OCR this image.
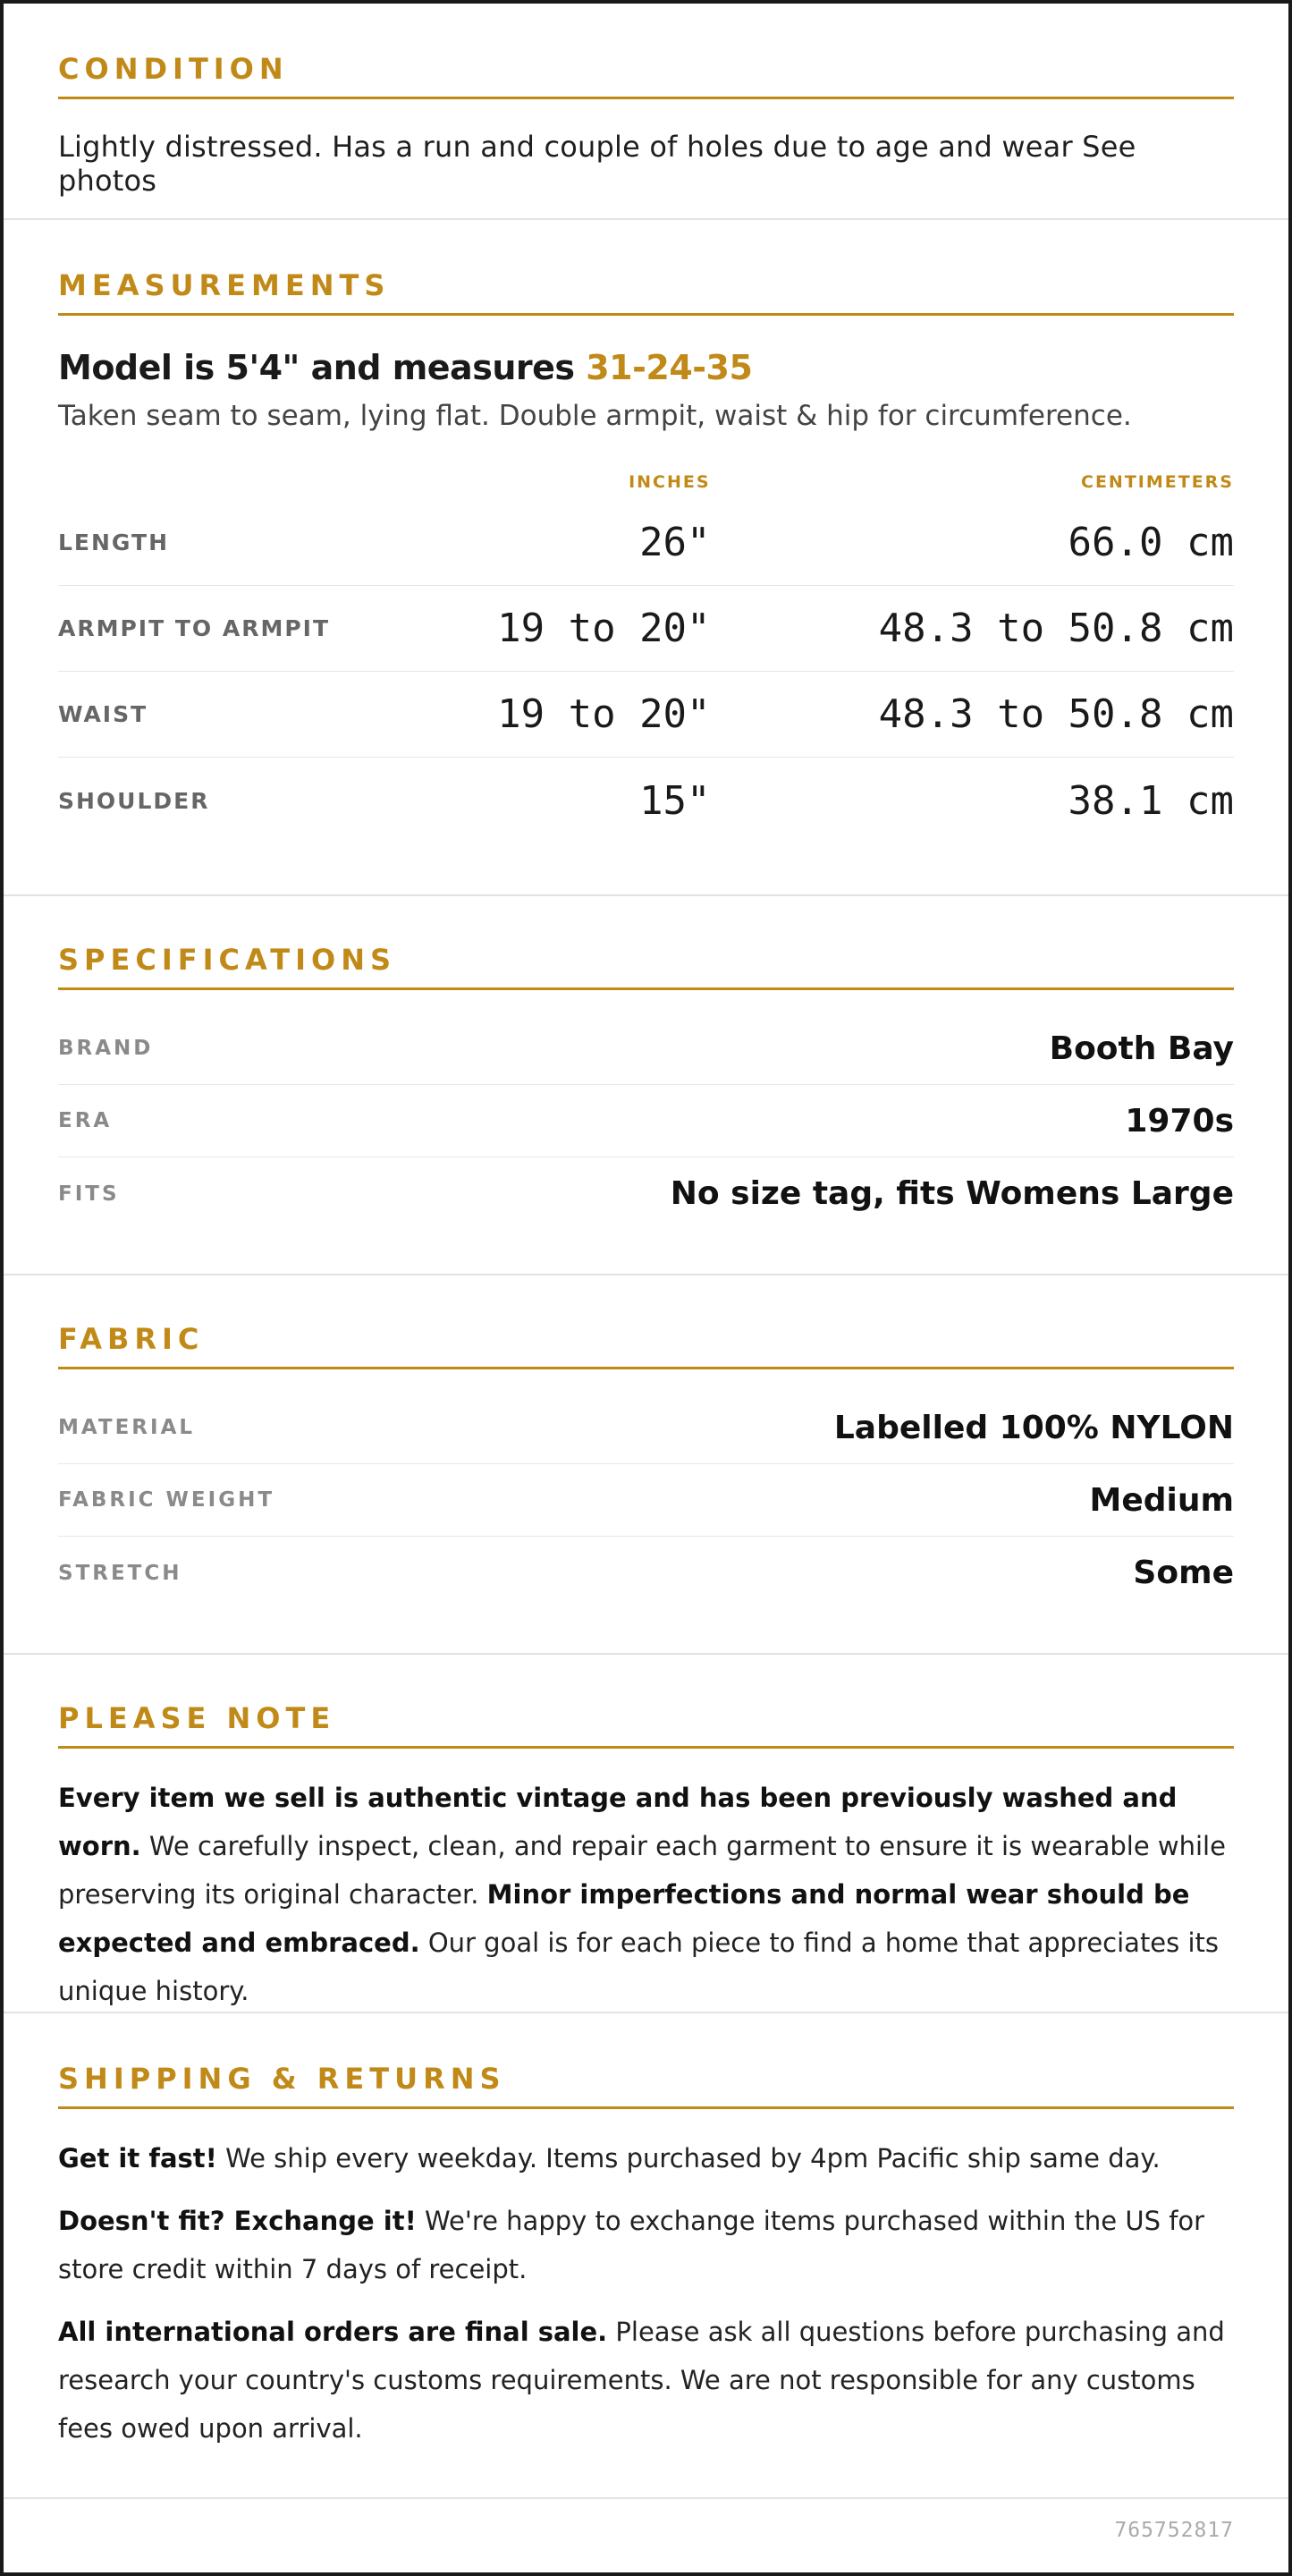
CONDITION
Lightly distressed. Has a run and couple of holes due to age and wear See photos
MEASUREMENTS
Model is 5'4" and measures 31-24-35
Taken seam to seam, lying flat. Double armpit, waist & hip for circumference.
INCHES	CENTIMETERS
LENGTH	26"	66.0 cm
ARMPIT TO ARMPIT	19 to 20"	48.3 to 50.8 cm
WAIST	19 to 20"	48.3 to 50.8 cm
SHOULDER	15"	38.1 cm
SPECIFICATIONS
BRAND	Booth Bay
ERA	1970s
FITS	No size tag, fits Womens Large
FABRIC
MATERIAL	Labelled 100% NYLON
FABRIC WEIGHT	Medium
STRETCH	Some
PLEASE NOTE

Every item we sell is authentic vintage and has been previously washed and worn. We carefully inspect, clean, and repair each garment to ensure it is wearable while preserving its original character. Minor imperfections and normal wear should be expected and embraced. Our goal is for each piece to find a home that appreciates its unique history.

SHIPPING & RETURNS

Get it fast! We ship every weekday. Items purchased by 4pm Pacific ship same day.

Doesn't fit? Exchange it! We're happy to exchange items purchased within the US for store credit within 7 days of receipt.

All international orders are final sale. Please ask all questions before purchasing and research your country's customs requirements. We are not responsible for any customs fees owed upon arrival.

765752817
